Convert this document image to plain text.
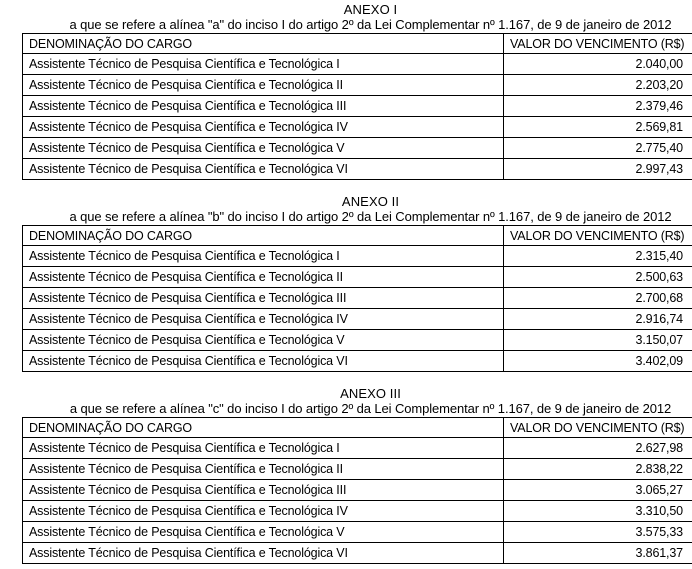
ANEXO I
a que se refere a alínea "a" do inciso I do artigo 2º da Lei Complementar nº 1.167, de 9 de janeiro de 2012
DENOMINAÇÃO DO CARGO	VALOR DO VENCIMENTO (R$)
Assistente Técnico de Pesquisa Científica e Tecnológica I	2.040,00
Assistente Técnico de Pesquisa Científica e Tecnológica II	2.203,20
Assistente Técnico de Pesquisa Científica e Tecnológica III	2.379,46
Assistente Técnico de Pesquisa Científica e Tecnológica IV	2.569,81
Assistente Técnico de Pesquisa Científica e Tecnológica V	2.775,40
Assistente Técnico de Pesquisa Científica e Tecnológica VI	2.997,43
ANEXO II
a que se refere a alínea "b" do inciso I do artigo 2º da Lei Complementar nº 1.167, de 9 de janeiro de 2012
DENOMINAÇÃO DO CARGO	VALOR DO VENCIMENTO (R$)
Assistente Técnico de Pesquisa Científica e Tecnológica I	2.315,40
Assistente Técnico de Pesquisa Científica e Tecnológica II	2.500,63
Assistente Técnico de Pesquisa Científica e Tecnológica III	2.700,68
Assistente Técnico de Pesquisa Científica e Tecnológica IV	2.916,74
Assistente Técnico de Pesquisa Científica e Tecnológica V	3.150,07
Assistente Técnico de Pesquisa Científica e Tecnológica VI	3.402,09
ANEXO III
a que se refere a alínea "c" do inciso I do artigo 2º da Lei Complementar nº 1.167, de 9 de janeiro de 2012
DENOMINAÇÃO DO CARGO	VALOR DO VENCIMENTO (R$)
Assistente Técnico de Pesquisa Científica e Tecnológica I	2.627,98
Assistente Técnico de Pesquisa Científica e Tecnológica II	2.838,22
Assistente Técnico de Pesquisa Científica e Tecnológica III	3.065,27
Assistente Técnico de Pesquisa Científica e Tecnológica IV	3.310,50
Assistente Técnico de Pesquisa Científica e Tecnológica V	3.575,33
Assistente Técnico de Pesquisa Científica e Tecnológica VI	3.861,37
